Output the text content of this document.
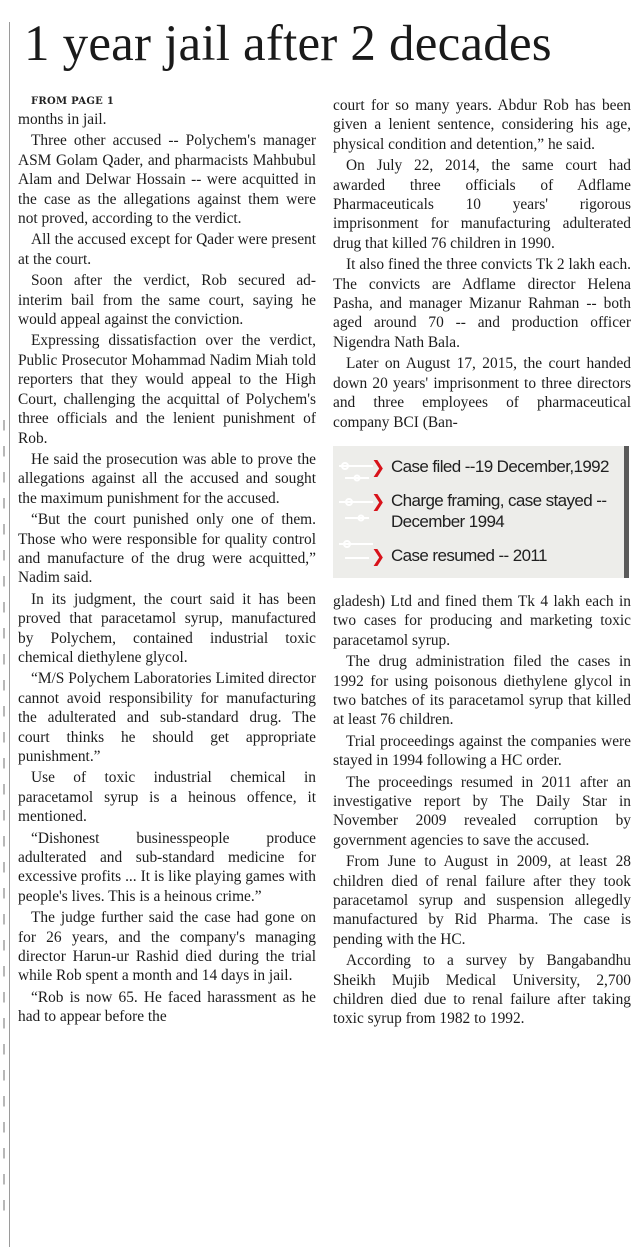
1 year jail after 2 decades

FROM PAGE 1

months in jail.

Three other accused -- Polychem's manager ASM Golam Qader, and pharmacists Mahbubul Alam and Delwar Hossain -- were acquitted in the case as the allegations against them were not proved, according to the verdict.

All the accused except for Qader were present at the court.

Soon after the verdict, Rob secured ad-interim bail from the same court, saying he would appeal against the conviction.

Expressing dissatisfaction over the verdict, Public Prosecutor Mohammad Nadim Miah told reporters that they would appeal to the High Court, challenging the acquittal of Polychem's three officials and the lenient punishment of Rob.

He said the prosecution was able to prove the allegations against all the accused and sought the maximum punishment for the accused.

“But the court punished only one of them. Those who were responsible for quality control and manufacture of the drug were acquitted,” Nadim said.

In its judgment, the court said it has been proved that paracetamol syrup, manufactured by Polychem, contained industrial toxic chemical diethylene glycol.

“M/S Polychem Laboratories Limited director cannot avoid responsibility for manufacturing the adulterated and sub-standard drug. The court thinks he should get appropriate punishment.”

Use of toxic industrial chemical in paracetamol syrup is a heinous offence, it mentioned.

“Dishonest businesspeople produce adulterated and sub-standard medicine for excessive profits ... It is like playing games with people's lives. This is a heinous crime.”

The judge further said the case had gone on for 26 years, and the company's managing director Harun-ur Rashid died during the trial while Rob spent a month and 14 days in jail.

“Rob is now 65. He faced harassment as he had to appear before the

court for so many years. Abdur Rob has been given a lenient sentence, considering his age, physical condition and detention,” he said.

On July 22, 2014, the same court had awarded three officials of Adflame Pharmaceuticals 10 years' rigorous imprisonment for manufacturing adulterated drug that killed 76 children in 1990.

It also fined the three convicts Tk 2 lakh each. The convicts are Adflame director Helena Pasha, and manager Mizanur Rahman -- both aged around 70 -- and production officer Nigendra Nath Bala.

Later on August 17, 2015, the court handed down 20 years' imprisonment to three directors and three employees of pharmaceutical company BCI (Ban-

❯ Case filed --19 December,1992
❯ Charge framing, case stayed -- December 1994
❯ Case resumed -- 2011

gladesh) Ltd and fined them Tk 4 lakh each in two cases for producing and marketing toxic paracetamol syrup.

The drug administration filed the cases in 1992 for using poisonous diethylene glycol in two batches of its paracetamol syrup that killed at least 76 children.

Trial proceedings against the companies were stayed in 1994 following a HC order.

The proceedings resumed in 2011 after an investigative report by The Daily Star in November 2009 revealed corruption by government agencies to save the accused.

From June to August in 2009, at least 28 children died of renal failure after they took paracetamol syrup and suspension allegedly manufactured by Rid Pharma. The case is pending with the HC.

According to a survey by Bangabandhu Sheikh Mujib Medical University, 2,700 children died due to renal failure after taking toxic syrup from 1982 to 1992.
